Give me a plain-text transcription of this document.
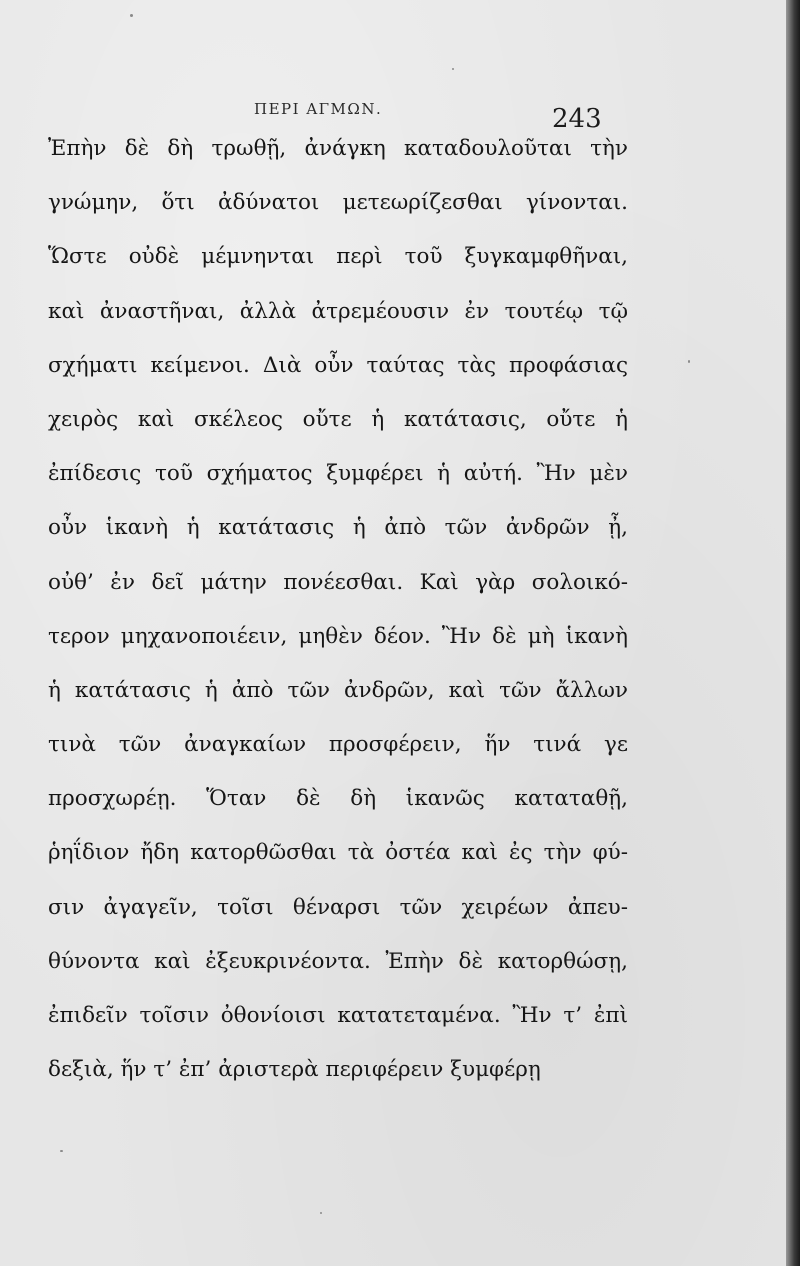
ΠΕΡΙ ΑΓΜΩΝ.	243
Ἐπὴν δὲ δὴ τρωθῇ, ἀνάγκη καταδουλοῦται τὴν
γνώμην, ὅτι ἀδύνατοι μετεωρίζεσθαι γίνονται.
Ὥστε οὐδὲ μέμνηνται περὶ τοῦ ξυγκαμφθῆναι,
καὶ ἀναστῆναι, ἀλλὰ ἀτρεμέουσιν ἐν τουτέῳ τῷ
σχήματι κείμενοι. Διὰ οὖν ταύτας τὰς προφάσιας
χειρὸς καὶ σκέλεος οὔτε ἡ κατάτασις, οὔτε ἡ
ἐπίδεσις τοῦ σχήματος ξυμφέρει ἡ αὐτή. Ἢν μὲν
οὖν ἱκανὴ ἡ κατάτασις ἡ ἀπὸ τῶν ἀνδρῶν ᾖ,
οὐθ’ ἐν δεῖ μάτην πονέεσθαι. Καὶ γὰρ σολοικό-
τερον μηχανοποιέειν, μηθὲν δέον. Ἢν δὲ μὴ ἱκανὴ
ἡ κατάτασις ἡ ἀπὸ τῶν ἀνδρῶν, καὶ τῶν ἄλλων
τινὰ τῶν ἀναγκαίων προσφέρειν, ἥν τινά γε
προσχωρέῃ. Ὅταν δὲ δὴ ἱκανῶς καταταθῇ,
ῥηΐδιον ἤδη κατορθῶσθαι τὰ ὀστέα καὶ ἐς τὴν φύ-
σιν ἀγαγεῖν, τοῖσι θέναρσι τῶν χειρέων ἀπευ-
θύνοντα καὶ ἐξευκρινέοντα. Ἐπὴν δὲ κατορθώσῃ,
ἐπιδεῖν τοῖσιν ὀθονίοισι κατατεταμένα. Ἢν τ’ ἐπὶ
δεξιὰ, ἥν τ’ ἐπ’ ἀριστερὰ περιφέρειν ξυμφέρῃ
